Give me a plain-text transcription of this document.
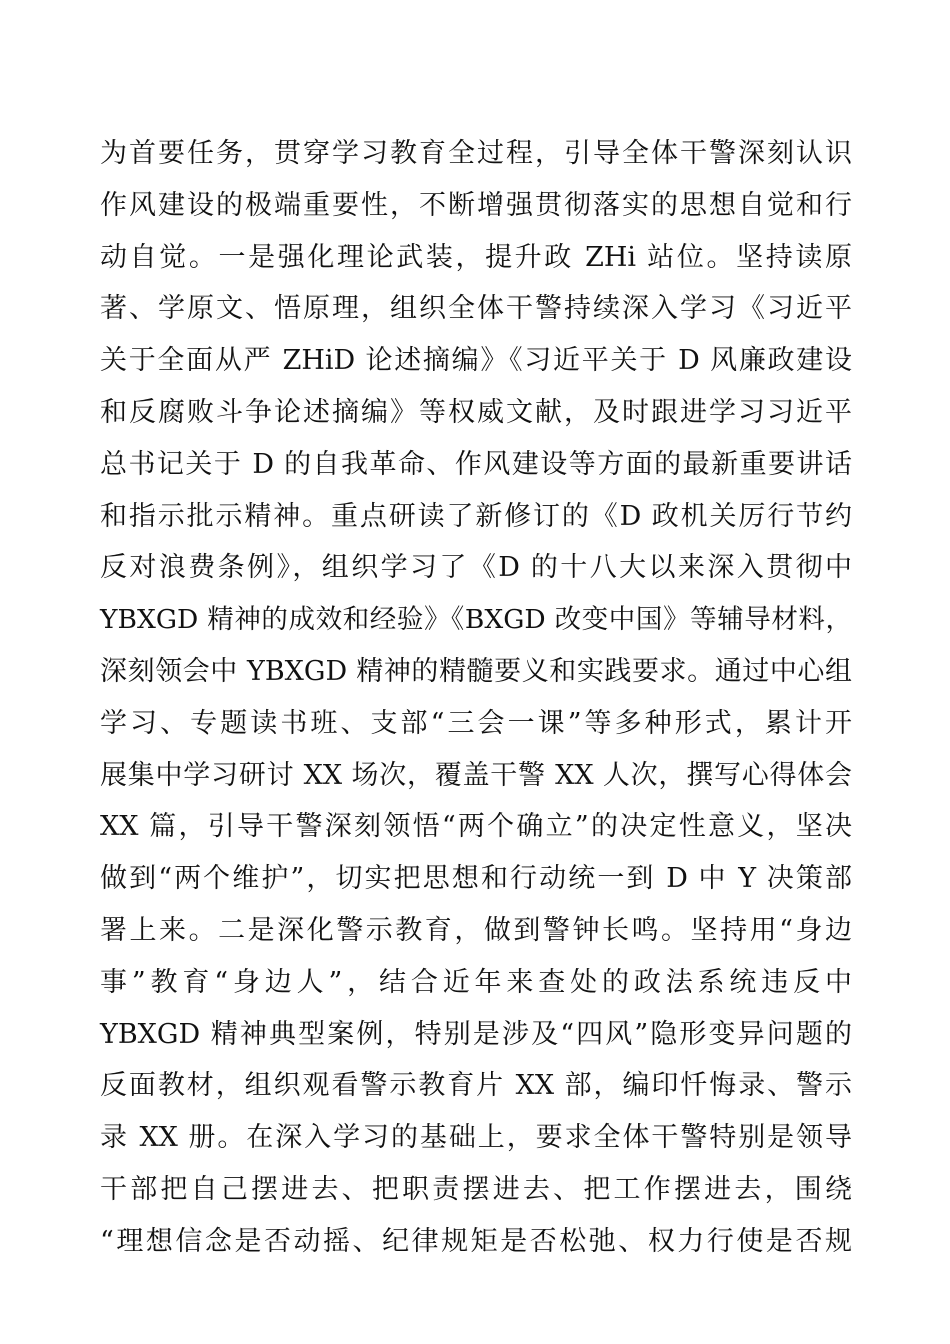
为首要任务，贯穿学习教育全过程，引导全体干警深刻认识
作风建设的极端重要性，不断增强贯彻落实的思想自觉和行
动自觉。一是强化理论武装，提升政 ZHi 站位。坚持读原
著、学原文、悟原理，组织全体干警持续深入学习《习近平
关于全面从严 ZHiD 论述摘编》《习近平关于 D 风廉政建设
和反腐败斗争论述摘编》等权威文献，及时跟进学习习近平
总书记关于 D 的自我革命、作风建设等方面的最新重要讲话
和指示批示精神。重点研读了新修订的《D 政机关厉行节约
反对浪费条例》，组织学习了《D 的十八大以来深入贯彻中
YBXGD 精神的成效和经验》《BXGD 改变中国》等辅导材料，
深刻领会中 YBXGD 精神的精髓要义和实践要求。通过中心组
学习、专题读书班、支部“三会一课”等多种形式，累计开
展集中学习研讨 XX 场次，覆盖干警 XX 人次，撰写心得体会
XX 篇，引导干警深刻领悟“两个确立”的决定性意义，坚决
做到“两个维护”，切实把思想和行动统一到 D 中 Y 决策部
署上来。二是深化警示教育，做到警钟长鸣。坚持用“身边
事”教育“身边人”，结合近年来查处的政法系统违反中
YBXGD 精神典型案例，特别是涉及“四风”隐形变异问题的
反面教材，组织观看警示教育片 XX 部，编印忏悔录、警示
录 XX 册。在深入学习的基础上，要求全体干警特别是领导
干部把自己摆进去、把职责摆进去、把工作摆进去，围绕
“理想信念是否动摇、纪律规矩是否松弛、权力行使是否规
